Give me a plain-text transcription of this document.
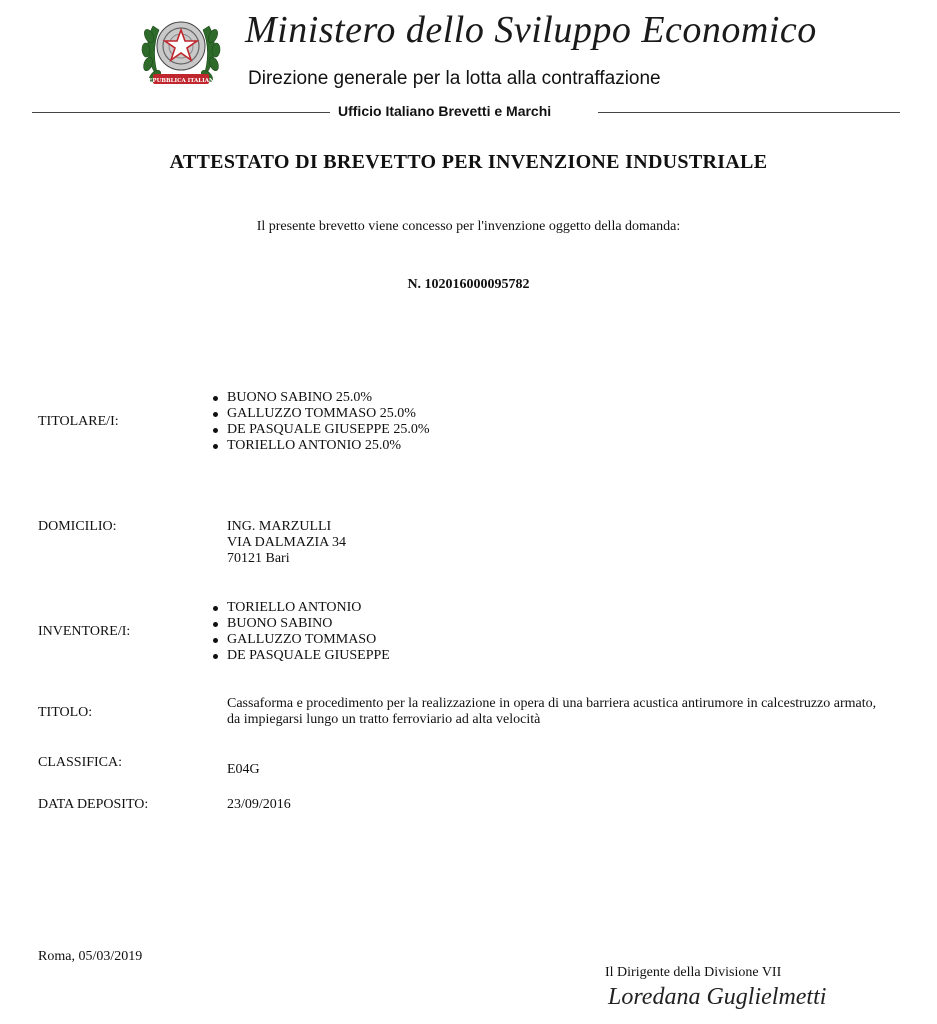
REPUBBLICA ITALIANA
Ministero dello Sviluppo Economico
Direzione generale per la lotta alla contraffazione
Ufficio Italiano Brevetti e Marchi
ATTESTATO DI BREVETTO PER INVENZIONE INDUSTRIALE
Il presente brevetto viene concesso per l'invenzione oggetto della domanda:
N. 102016000095782
TITOLARE/I:
BUONO SABINO 25.0%
GALLUZZO TOMMASO 25.0%
DE PASQUALE GIUSEPPE 25.0%
TORIELLO ANTONIO 25.0%
DOMICILIO:	ING. MARZULLI
VIA DALMAZIA 34
70121 Bari
INVENTORE/I:
TORIELLO ANTONIO
BUONO SABINO
GALLUZZO TOMMASO
DE PASQUALE GIUSEPPE
TITOLO:
Cassaforma e procedimento per la realizzazione in opera di una barriera acustica antirumore in calcestruzzo armato, da impiegarsi lungo un tratto ferroviario ad alta velocità
CLASSIFICA:	E04G
DATA DEPOSITO:	23/09/2016
Roma, 05/03/2019
Il Dirigente della Divisione VII
Loredana Guglielmetti
